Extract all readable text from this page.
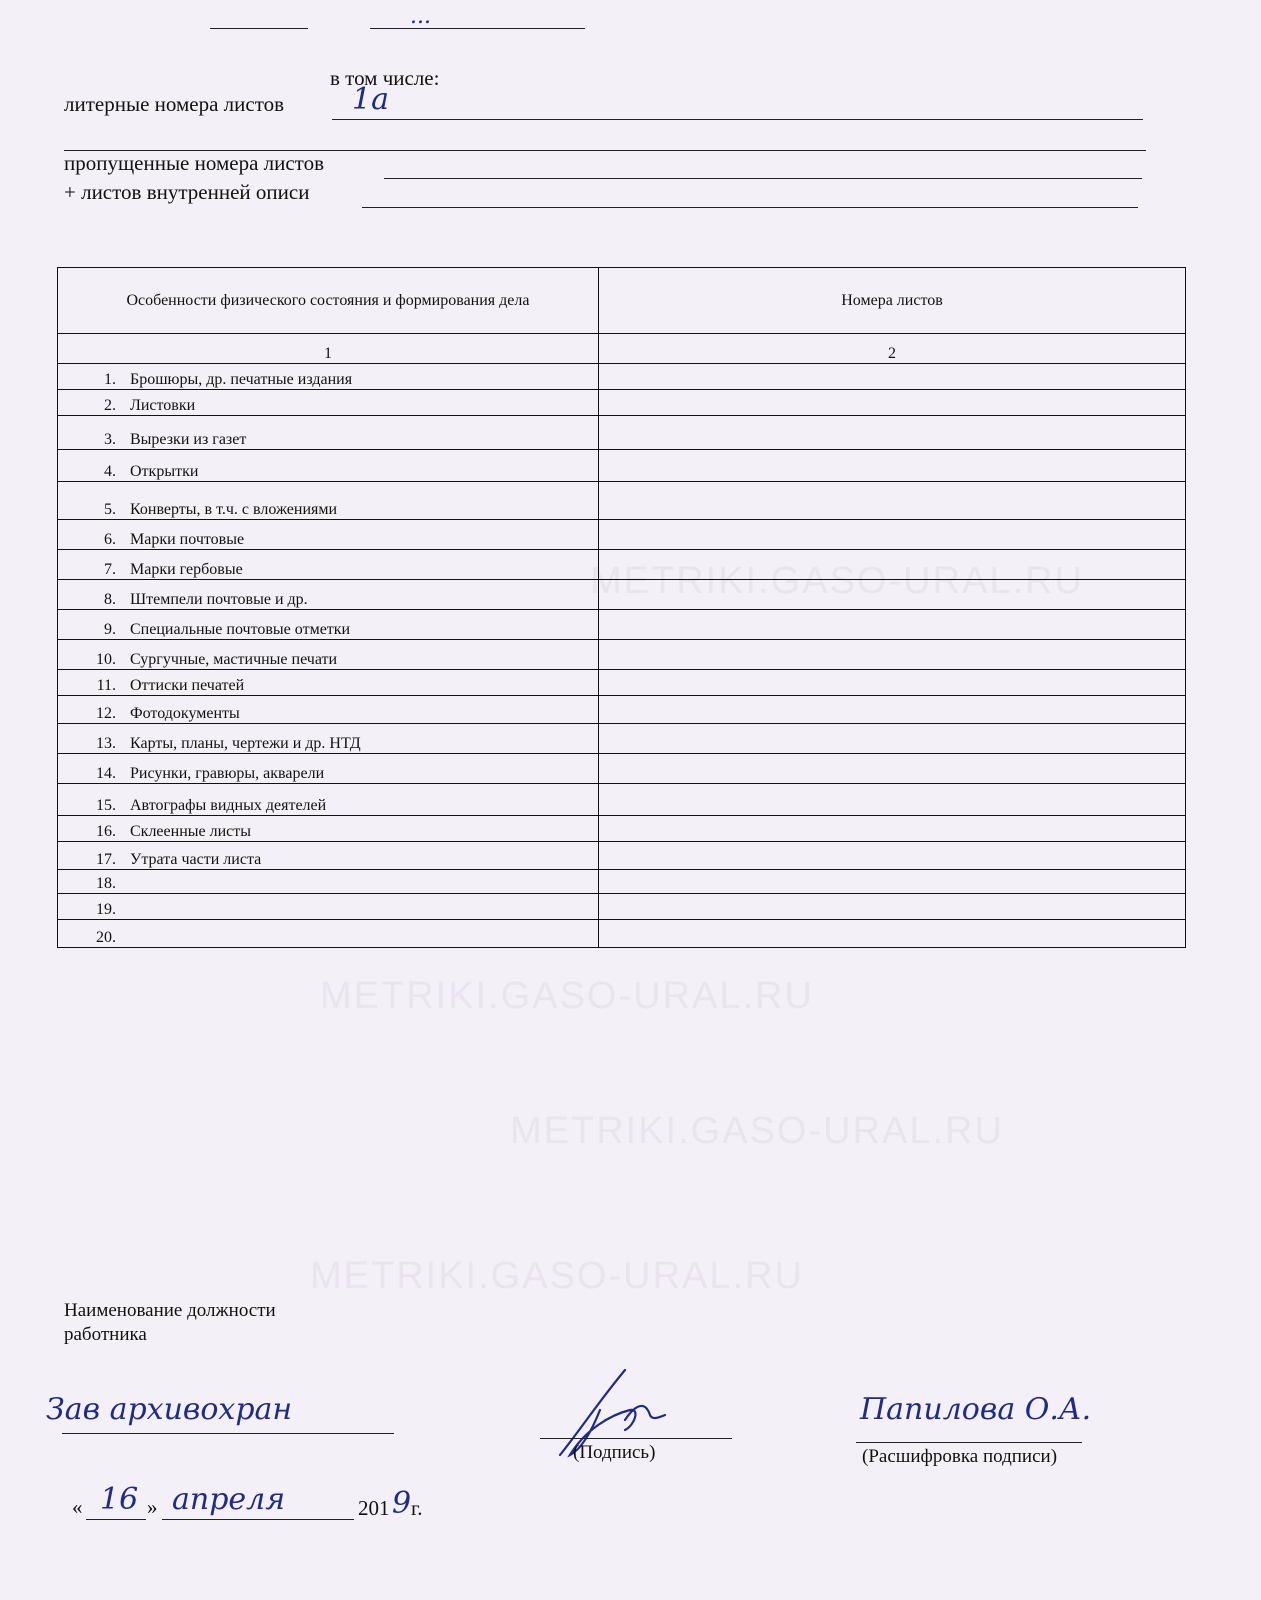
METRIKI.GASO-URAL.RU
METRIKI.GASO-URAL.RU
METRIKI.GASO-URAL.RU
METRIKI.GASO-URAL.RU
...
в том числе:
литерные номера листов 1а
пропущенные номера листов
+ листов внутренней описи
Особенности физического состояния и формирования дела	Номера листов
1	2

1. Брошюры, др. печатные издания	

2. Листовки	

3. Вырезки из газет	

4. Открытки	

5. Конверты, в т.ч. с вложениями	

6. Марки почтовые	

7. Марки гербовые	

8. Штемпели почтовые и др.	

9. Специальные почтовые отметки	

10. Сургучные, мастичные печати	

11. Оттиски печатей	

12. Фотодокументы	

13. Карты, планы, чертежи и др. НТД	

14. Рисунки, гравюры, акварели	

15. Автографы видных деятелей	

16. Склеенные листы	

17. Утрата части листа	

18.	

19.	

20.	

Наименование должности
работника
Зав архивохран
(Подпись)
Папилова О.А.
(Расшифровка подписи)
« 16 » апреля	201 9 г.
